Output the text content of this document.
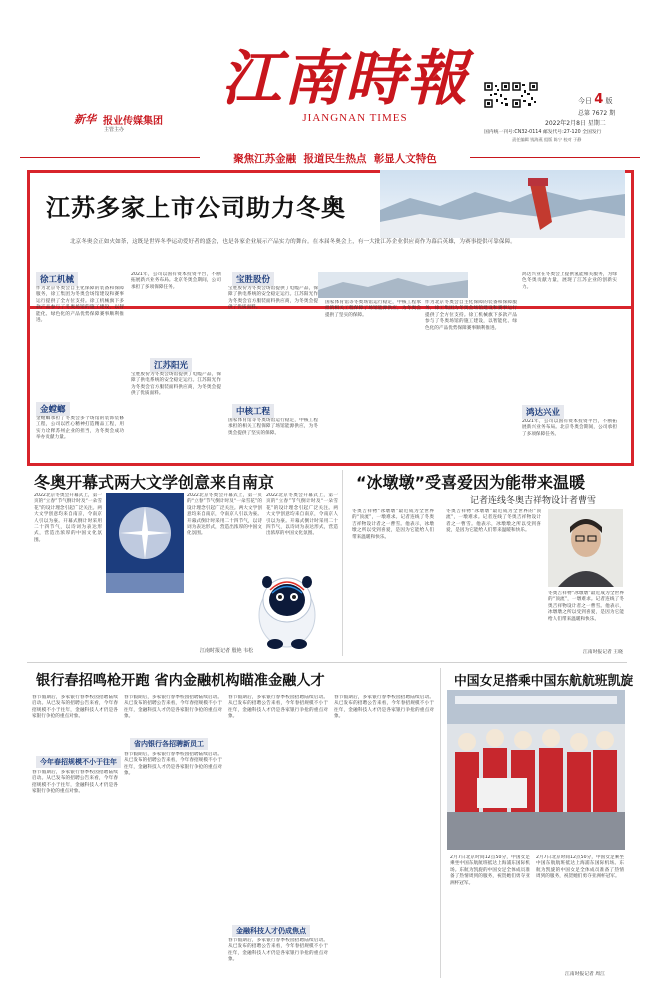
江南時報
JIANGNAN TIMES
新华 报业传媒集团
主管主办
今日 4 版
总第 7672 期
2022年2月8日 星期二
国内统一刊号:CN32-0114 邮发代号:27-120 全国发行
责任编辑 钱海燕 组版 陈宁 校对 于静
聚焦江苏金融 报道民生热点 彰显人文特色
江苏多家上市公司助力冬奥
北京冬奥会正如火如荼，这既是世界冬季运动爱好者的盛会，也是各家企业展示产品实力的舞台。在本届冬奥会上，有一大批江苏企业供应商作为幕后英雄，为赛事提供可靠保障。
徐工机械
作为北京冬奥会自主化保障的装备和保障服务，徐工集团为冬奥会场馆建设和赛事运行提供了全方位支持。徐工机械旗下多款产品参与了冬奥场馆的施工建设，以智能化、绿色化的产品优势保障赛事顺利推进。
金螳螂
金螳螂承担了冬奥会多个场馆的装饰装修工程，公司以匠心精神打造精品工程，用实力诠释苏州企业的担当，为冬奥会成功举办贡献力量。
2021年，公司以国有资本投资平台，不断拓展新兴业务布局。北京冬奥会期间，公司承担了多项保障任务。
江苏阳光
宝胜股份为冬奥会场馆提供了电缆产品，保障了供电系统的安全稳定运行。江苏阳光作为冬奥会官方服装面料供应商，为冬奥会提供了优质面料。
宝胜股份
宝胜股份为冬奥会场馆提供了电缆产品，保障了供电系统的安全稳定运行。江苏阳光作为冬奥会官方服装面料供应商，为冬奥会提供了优质面料。
中核工程
国家体育馆等冬奥场馆运行稳定，中核工程承担的相关工程保障了场馆能源供应，为冬奥会提供了坚实的保障。
国家体育馆等冬奥场馆运行稳定，中核工程承担的相关工程保障了场馆能源供应，为冬奥会提供了坚实的保障。
作为北京冬奥会自主化保障的装备和保障服务，徐工集团为冬奥会场馆建设和赛事运行提供了全方位支持。徐工机械旗下多款产品参与了冬奥场馆的施工建设，以智能化、绿色化的产品优势保障赛事顺利推进。
鸿达兴业
鸿达兴业在冬奥会上提供氢能相关服务，为绿色冬奥贡献力量，展现了江苏企业的创新实力。
2021年，公司以国有资本投资平台，不断拓展新兴业务布局。北京冬奥会期间，公司承担了多项保障任务。
冬奥开幕式两大文学创意来自南京
2022北京冬奥会开幕式上，第一页的“立春”节气倒计时及“一朵雪花”的设计理念引起广泛关注。两大文学创意均来自南京，令南京人引以为豪。开幕式倒计时采用二十四节气，以诗词为表达形式，营造出浓厚的中国文化氛围。
2022北京冬奥会开幕式上，第一页的“立春”节气倒计时及“一朵雪花”的设计理念引起广泛关注。两大文学创意均来自南京，令南京人引以为豪。开幕式倒计时采用二十四节气，以诗词为表达形式，营造出浓厚的中国文化氛围。
2022北京冬奥会开幕式上，第一页的“立春”节气倒计时及“一朵雪花”的设计理念引起广泛关注。两大文学创意均来自南京，令南京人引以为豪。开幕式倒计时采用二十四节气，以诗词为表达形式，营造出浓厚的中国文化氛围。
江南时报记者 殷艳 韦松
“冰墩墩”受喜爱因为能带来温暖
记者连线冬奥吉祥物设计者曹雪
冬奥吉祥物“冰墩墩”最近成为全世界的“顶流”，一墩难求。记者连线了冬奥吉祥物设计者之一曹雪。他表示，冰墩墩之所以受到喜爱，是因为它能给人们带来温暖和快乐。
冬奥吉祥物“冰墩墩”最近成为全世界的“顶流”，一墩难求。记者连线了冬奥吉祥物设计者之一曹雪。他表示，冰墩墩之所以受到喜爱，是因为它能给人们带来温暖和快乐。
冬奥吉祥物“冰墩墩”最近成为全世界的“顶流”，一墩难求。记者连线了冬奥吉祥物设计者之一曹雪。他表示，冰墩墩之所以受到喜爱，是因为它能给人们带来温暖和快乐。
江南时报记者 王晓
银行春招鸣枪开跑 省内金融机构瞄准金融人才
今年春招规模不小于往年
春节假期后，多家银行春季校园招聘陆续启动。从已发布的招聘公告来看，今年春招规模不小于往年，金融科技人才仍是各家银行争抢的重点对象。
春节假期后，多家银行春季校园招聘陆续启动。从已发布的招聘公告来看，今年春招规模不小于往年，金融科技人才仍是各家银行争抢的重点对象。
春节假期后，多家银行春季校园招聘陆续启动。从已发布的招聘公告来看，今年春招规模不小于往年，金融科技人才仍是各家银行争抢的重点对象。
省内银行各招聘新员工
春节假期后，多家银行春季校园招聘陆续启动。从已发布的招聘公告来看，今年春招规模不小于往年，金融科技人才仍是各家银行争抢的重点对象。
春节假期后，多家银行春季校园招聘陆续启动。从已发布的招聘公告来看，今年春招规模不小于往年，金融科技人才仍是各家银行争抢的重点对象。
金融科技人才仍成焦点
春节假期后，多家银行春季校园招聘陆续启动。从已发布的招聘公告来看，今年春招规模不小于往年，金融科技人才仍是各家银行争抢的重点对象。
春节假期后，多家银行春季校园招聘陆续启动。从已发布的招聘公告来看，今年春招规模不小于往年，金融科技人才仍是各家银行争抢的重点对象。
中国女足搭乘中国东航航班凯旋
2月7日北京时间12点50分，中国女足乘坐中国东航航班抵达上海浦东国际机场。东航为凯旋的中国女足全体成员准备了热情周到的服务，祝贺她们勇夺亚洲杯冠军。
2月7日北京时间12点50分，中国女足乘坐中国东航航班抵达上海浦东国际机场。东航为凯旋的中国女足全体成员准备了热情周到的服务，祝贺她们勇夺亚洲杯冠军。
江南时报记者 周江
